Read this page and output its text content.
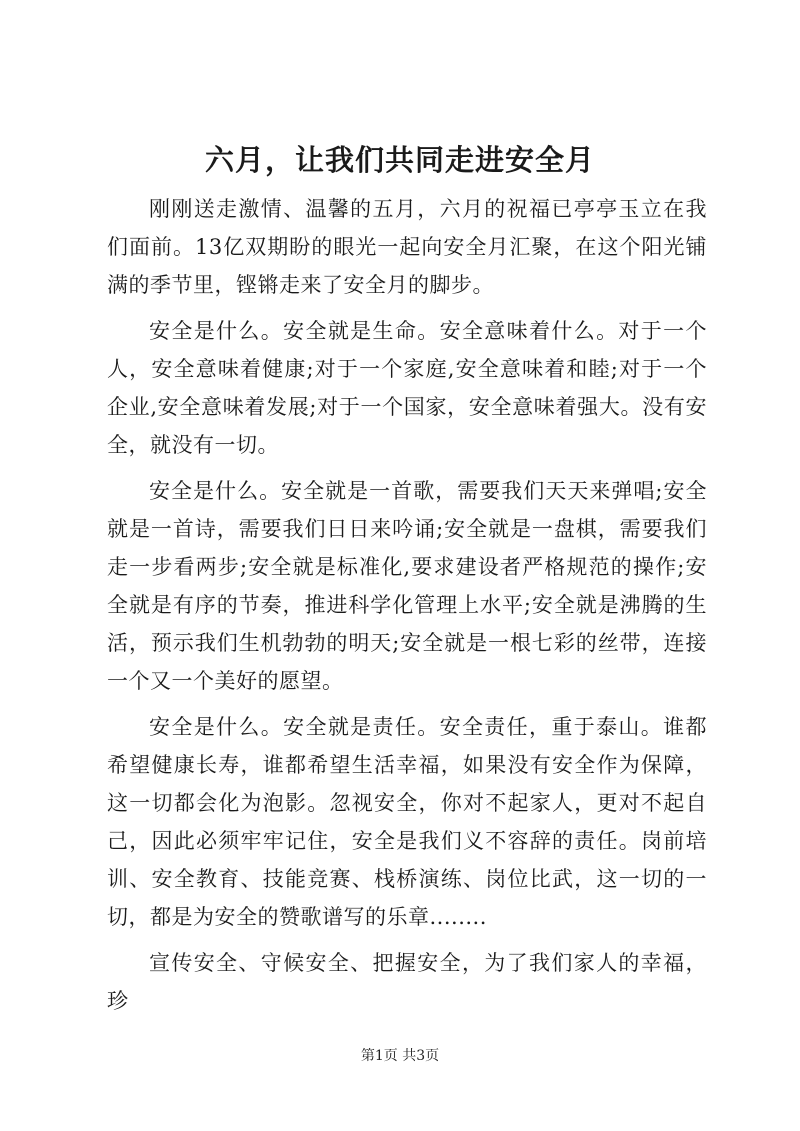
六月，让我们共同走进安全月

刚刚送走激情、温馨的五月，六月的祝福已亭亭玉立在我们面前。13亿双期盼的眼光一起向安全月汇聚，在这个阳光铺满的季节里，铿锵走来了安全月的脚步。

安全是什么。安全就是生命。安全意味着什么。对于一个人，安全意味着健康;对于一个家庭,安全意味着和睦;对于一个企业,安全意味着发展;对于一个国家，安全意味着强大。没有安全，就没有一切。

安全是什么。安全就是一首歌，需要我们天天来弹唱;安全就是一首诗，需要我们日日来吟诵;安全就是一盘棋，需要我们走一步看两步;安全就是标准化,要求建设者严格规范的操作;安全就是有序的节奏，推进科学化管理上水平;安全就是沸腾的生活，预示我们生机勃勃的明天;安全就是一根七彩的丝带，连接一个又一个美好的愿望。

安全是什么。安全就是责任。安全责任，重于泰山。谁都希望健康长寿，谁都希望生活幸福，如果没有安全作为保障，这一切都会化为泡影。忽视安全，你对不起家人，更对不起自己，因此必须牢牢记住，安全是我们义不容辞的责任。岗前培训、安全教育、技能竞赛、栈桥演练、岗位比武，这一切的一切，都是为安全的赞歌谱写的乐章........

宣传安全、守候安全、把握安全，为了我们家人的幸福，珍

第1页 共3页
